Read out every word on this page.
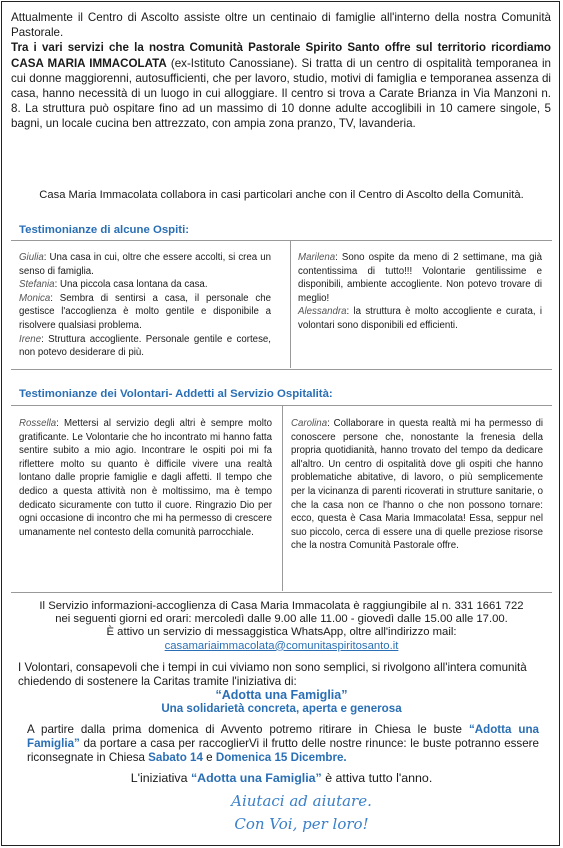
Attualmente il Centro di Ascolto assiste oltre un centinaio di famiglie all'interno della nostra Comunità Pastorale.

Tra i vari servizi che la nostra Comunità Pastorale Spirito Santo offre sul territorio ricordiamo CASA MARIA IMMACOLATA (ex-Istituto Canossiane). Si tratta di un centro di ospitalità temporanea in cui donne maggiorenni, autosufficienti, che per lavoro, studio, motivi di famiglia e temporanea assenza di casa, hanno necessità di un luogo in cui alloggiare. Il centro si trova a Carate Brianza in Via Manzoni n. 8. La struttura può ospitare fino ad un massimo di 10 donne adulte accoglibili in 10 camere singole, 5 bagni, un locale cucina ben attrezzato, con ampia zona pranzo, TV, lavanderia.

Casa Maria Immacolata collabora in casi particolari anche con il Centro di Ascolto della Comunità.
Testimonianze di alcune Ospiti:

Giulia: Una casa in cui, oltre che essere accolti, si crea un senso di famiglia.

Stefania: Una piccola casa lontana da casa.

Monica: Sembra di sentirsi a casa, il personale che gestisce l'accoglienza è molto gentile e disponibile a risolvere qualsiasi problema.

Irene: Struttura accogliente. Personale gentile e cortese, non potevo desiderare di più.

Marilena: Sono ospite da meno di 2 settimane, ma già contentissima di tutto!!! Volontarie gentilissime e disponibili, ambiente accogliente. Non potevo trovare di meglio!

Alessandra: la struttura è molto accogliente e curata, i volontari sono disponibili ed efficienti.

Testimonianze dei Volontari- Addetti al Servizio Ospitalità:

Rossella: Mettersi al servizio degli altri è sempre molto gratificante. Le Volontarie che ho incontrato mi hanno fatta sentire subito a mio agio. Incontrare le ospiti poi mi fa riflettere molto su quanto è difficile vivere una realtà lontano dalle proprie famiglie e dagli affetti. Il tempo che dedico a questa attività non è moltissimo, ma è tempo dedicato sicuramente con tutto il cuore. Ringrazio Dio per ogni occasione di incontro che mi ha permesso di crescere umanamente nel contesto della comunità parrocchiale.

Carolina: Collaborare in questa realtà mi ha permesso di conoscere persone che, nonostante la frenesia della propria quotidianità, hanno trovato del tempo da dedicare all'altro. Un centro di ospitalità dove gli ospiti che hanno problematiche abitative, di lavoro, o più semplicemente per la vicinanza di parenti ricoverati in strutture sanitarie, o che la casa non ce l'hanno o che non possono tornare: ecco, questa è Casa Maria Immacolata! Essa, seppur nel suo piccolo, cerca di essere una di quelle preziose risorse che la nostra Comunità Pastorale offre.

Il Servizio informazioni-accoglienza di Casa Maria Immacolata è raggiungibile al n. 331 1661 722
nei seguenti giorni ed orari: mercoledì dalle 9.00 alle 11.00 - giovedì dalle 15.00 alle 17.00.
È attivo un servizio di messaggistica WhatsApp, oltre all'indirizzo mail:
casamariaimmacolata@comunitaspiritosanto.it
I Volontari, consapevoli che i tempi in cui viviamo non sono semplici, si rivolgono all'intera comunità chiedendo di sostenere la Caritas tramite l'iniziativa di:
“Adotta una Famiglia”
Una solidarietà concreta, aperta e generosa
A partire dalla prima domenica di Avvento potremo ritirare in Chiesa le buste “Adotta una Famiglia” da portare a casa per raccoglierVi il frutto delle nostre rinunce: le buste potranno essere riconsegnate in Chiesa Sabato 14 e Domenica 15 Dicembre.
L'iniziativa “Adotta una Famiglia” è attiva tutto l'anno.
Aiutaci ad aiutare.
Con Voi, per loro!
